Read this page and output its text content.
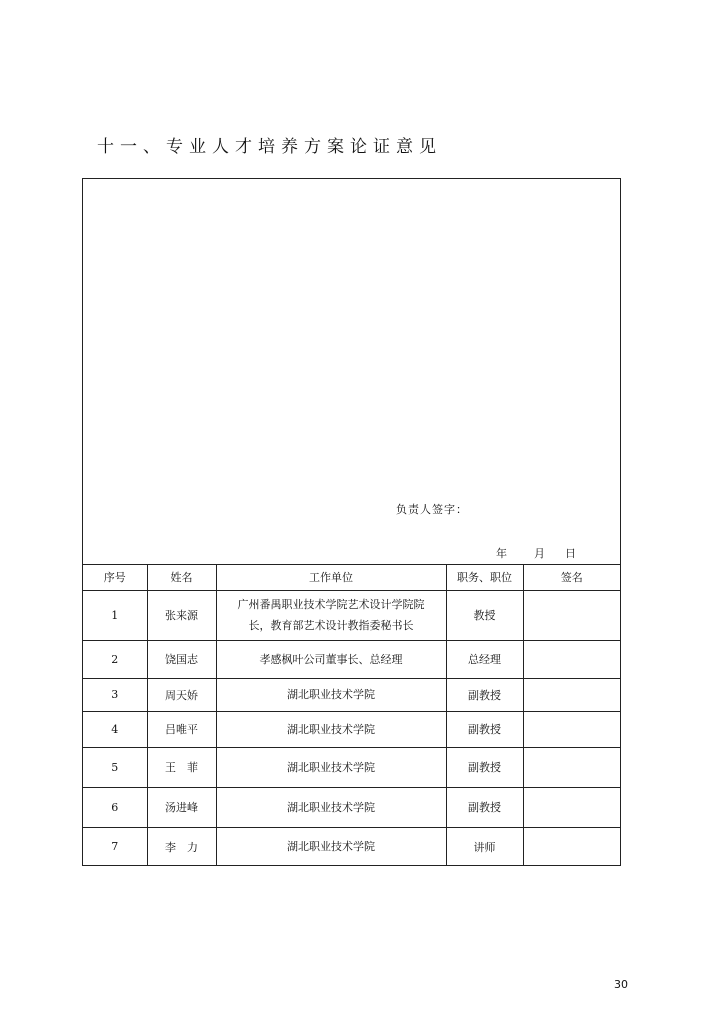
十一、专业人才培养方案论证意见
负责人签字：
年 月 日
序号	姓名	工作单位	职务、职位	签名
1	张来源	广州番禺职业技术学院艺术设计学院院
长，教育部艺术设计教指委秘书长	教授	
2	饶国志	孝感枫叶公司董事长、总经理	总经理	
3	周天娇	湖北职业技术学院	副教授	
4	吕唯平	湖北职业技术学院	副教授	
5	王　菲	湖北职业技术学院	副教授	
6	汤进峰	湖北职业技术学院	副教授	
7	李　力	湖北职业技术学院	讲师	
30
